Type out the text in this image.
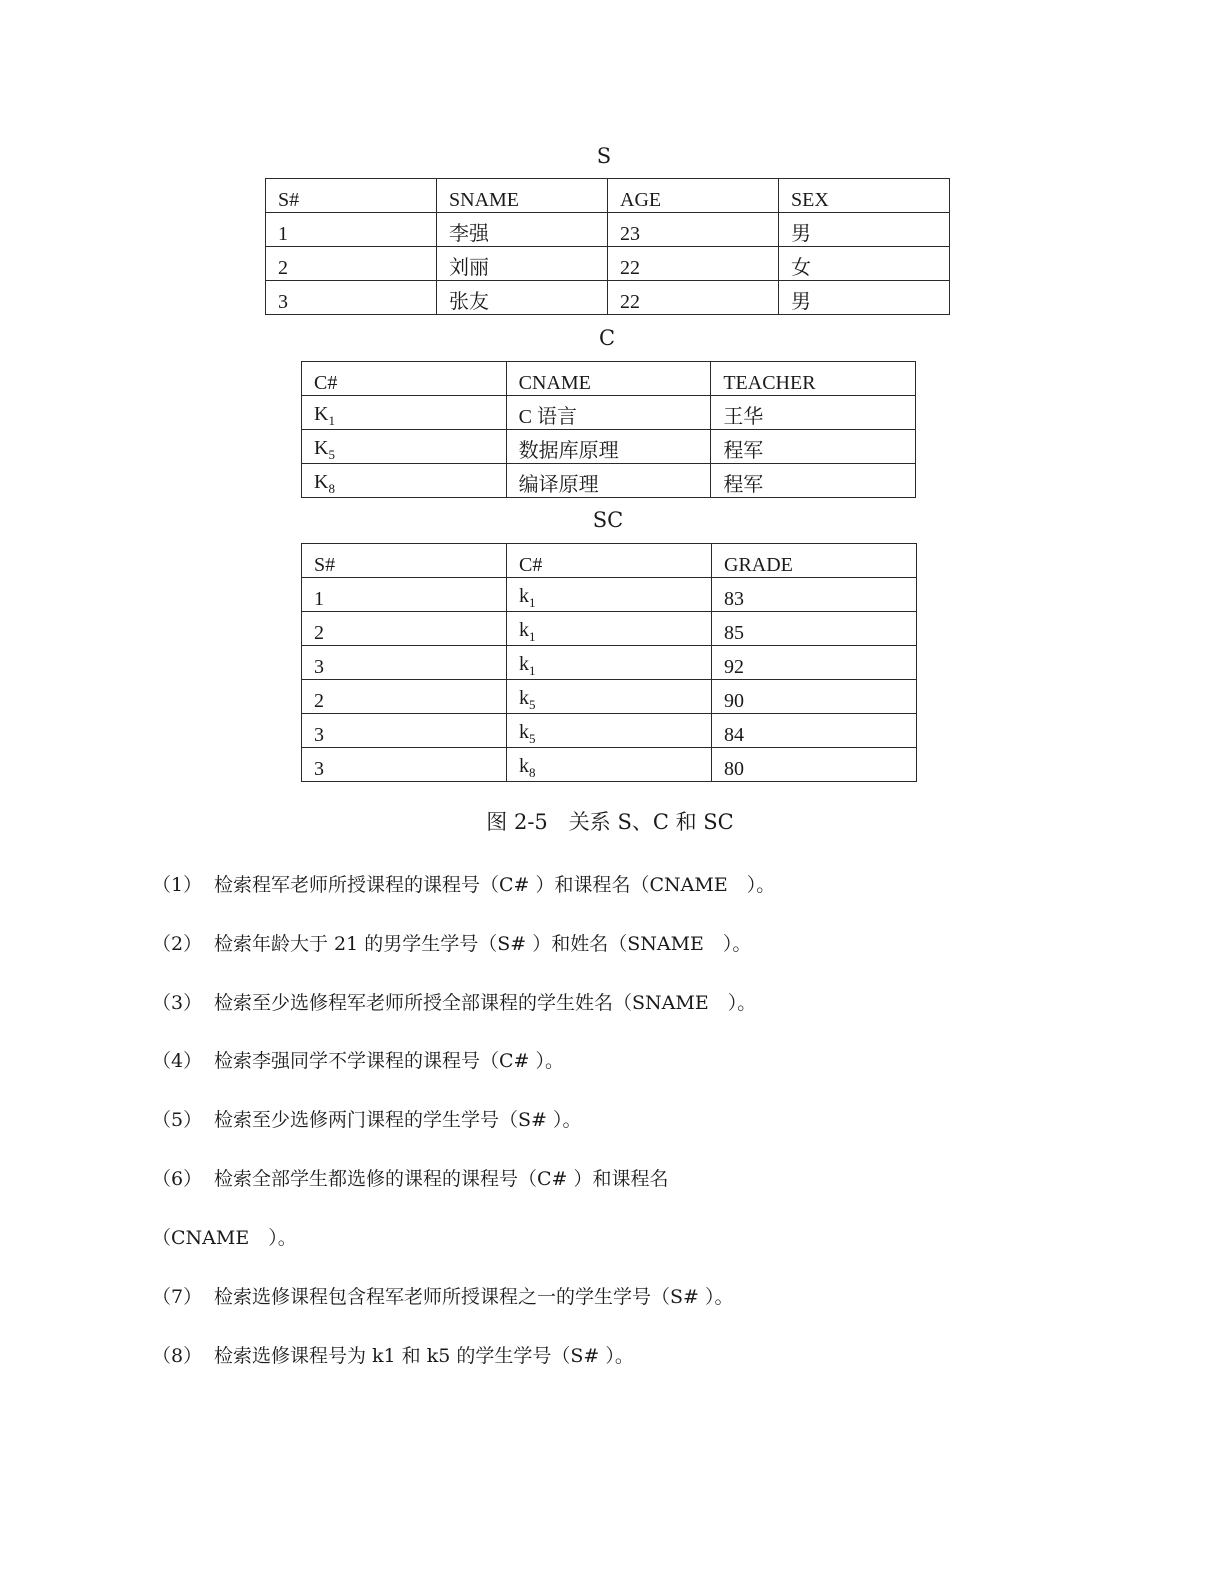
S
S#	SNAME	AGE	SEX
1	李强	23	男
2	刘丽	22	女
3	张友	22	男
C
C#	CNAME	TEACHER
$K_1$	C 语言	王华
$K_5$	数据库原理	程军
$K_8$	编译原理	程军
SC
S#	C#	GRADE
1	$k_1$	83
2	$k_1$	85
3	$k_1$	92
2	$k_5$	90
3	$k_5$	84
3	$k_8$	80
图 2-5　关系 S、C 和 SC
（1） 检索程军老师所授课程的课程号（C# ）和课程名（CNAME　）。
（2） 检索年龄大于 21 的男学生学号（S# ）和姓名（SNAME　）。
（3） 检索至少选修程军老师所授全部课程的学生姓名（SNAME　）。
（4） 检索李强同学不学课程的课程号（C# ）。
（5） 检索至少选修两门课程的学生学号（S# ）。
（6） 检索全部学生都选修的课程的课程号（C# ）和课程名
（CNAME　）。
（7） 检索选修课程包含程军老师所授课程之一的学生学号（S# ）。
（8） 检索选修课程号为 k1 和 k5 的学生学号（S# ）。
